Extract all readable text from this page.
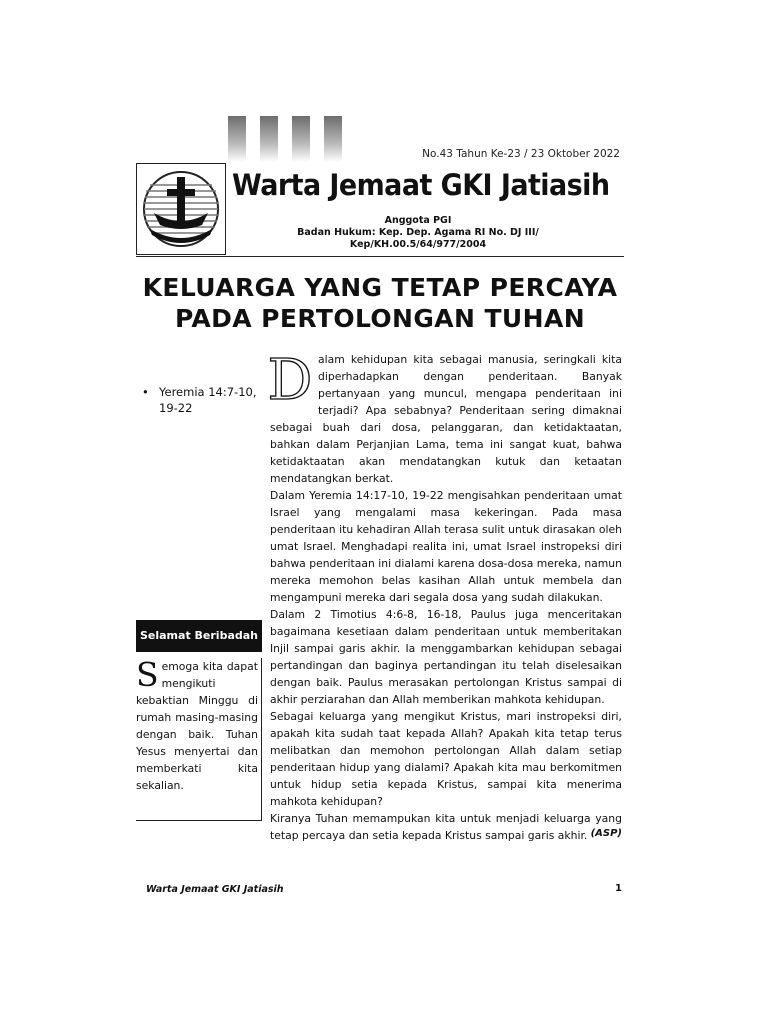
No.43 Tahun Ke-23 / 23 Oktober 2022
Warta Jemaat GKI Jatiasih
Anggota PGI
Badan Hukum: Kep. Dep. Agama RI No. DJ III/
Kep/KH.00.5/64/977/2004
KELUARGA YANG TETAP PERCAYA
PADA PERTOLONGAN TUHAN
• Yeremia 14:7-10, 19-22
Selamat Beribadah
Semoga kita dapat mengikuti kebaktian Minggu di rumah masing-masing dengan baik. Tuhan Yesus menyertai dan memberkati kita sekalian.
D alam kehidupan kita sebagai manusia, seringkali kita diperhadapkan dengan penderitaan. Banyak pertanyaan yang muncul, mengapa penderitaan ini terjadi? Apa sebabnya? Penderitaan sering dimaknai sebagai buah dari dosa, pelanggaran, dan ketidaktaatan, bahkan dalam Perjanjian Lama, tema ini sangat kuat, bahwa ketidaktaatan akan mendatangkan kutuk dan ketaatan mendatangkan berkat.

Dalam Yeremia 14:17-10, 19-22 mengisahkan penderitaan umat Israel yang mengalami masa kekeringan. Pada masa penderitaan itu kehadiran Allah terasa sulit untuk dirasakan oleh umat Israel. Menghadapi realita ini, umat Israel instropeksi diri bahwa penderitaan ini dialami karena dosa-dosa mereka, namun mereka memohon belas kasihan Allah untuk membela dan mengampuni mereka dari segala dosa yang sudah dilakukan.

Dalam 2 Timotius 4:6-8, 16-18, Paulus juga menceritakan bagaimana kesetiaan dalam penderitaan untuk memberitakan Injil sampai garis akhir. Ia menggambarkan kehidupan sebagai pertandingan dan baginya pertandingan itu telah diselesaikan dengan baik. Paulus merasakan pertolongan Kristus sampai di akhir perziarahan dan Allah memberikan mahkota kehidupan.

Sebagai keluarga yang mengikut Kristus, mari instropeksi diri, apakah kita sudah taat kepada Allah? Apakah kita tetap terus melibatkan dan memohon pertolongan Allah dalam setiap penderitaan hidup yang dialami? Apakah kita mau berkomitmen untuk hidup setia kepada Kristus, sampai kita menerima mahkota kehidupan?

Kiranya Tuhan memampukan kita untuk menjadi keluarga yang tetap percaya dan setia kepada Kristus sampai garis akhir. (ASP)
Warta Jemaat GKI Jatiasih	1
